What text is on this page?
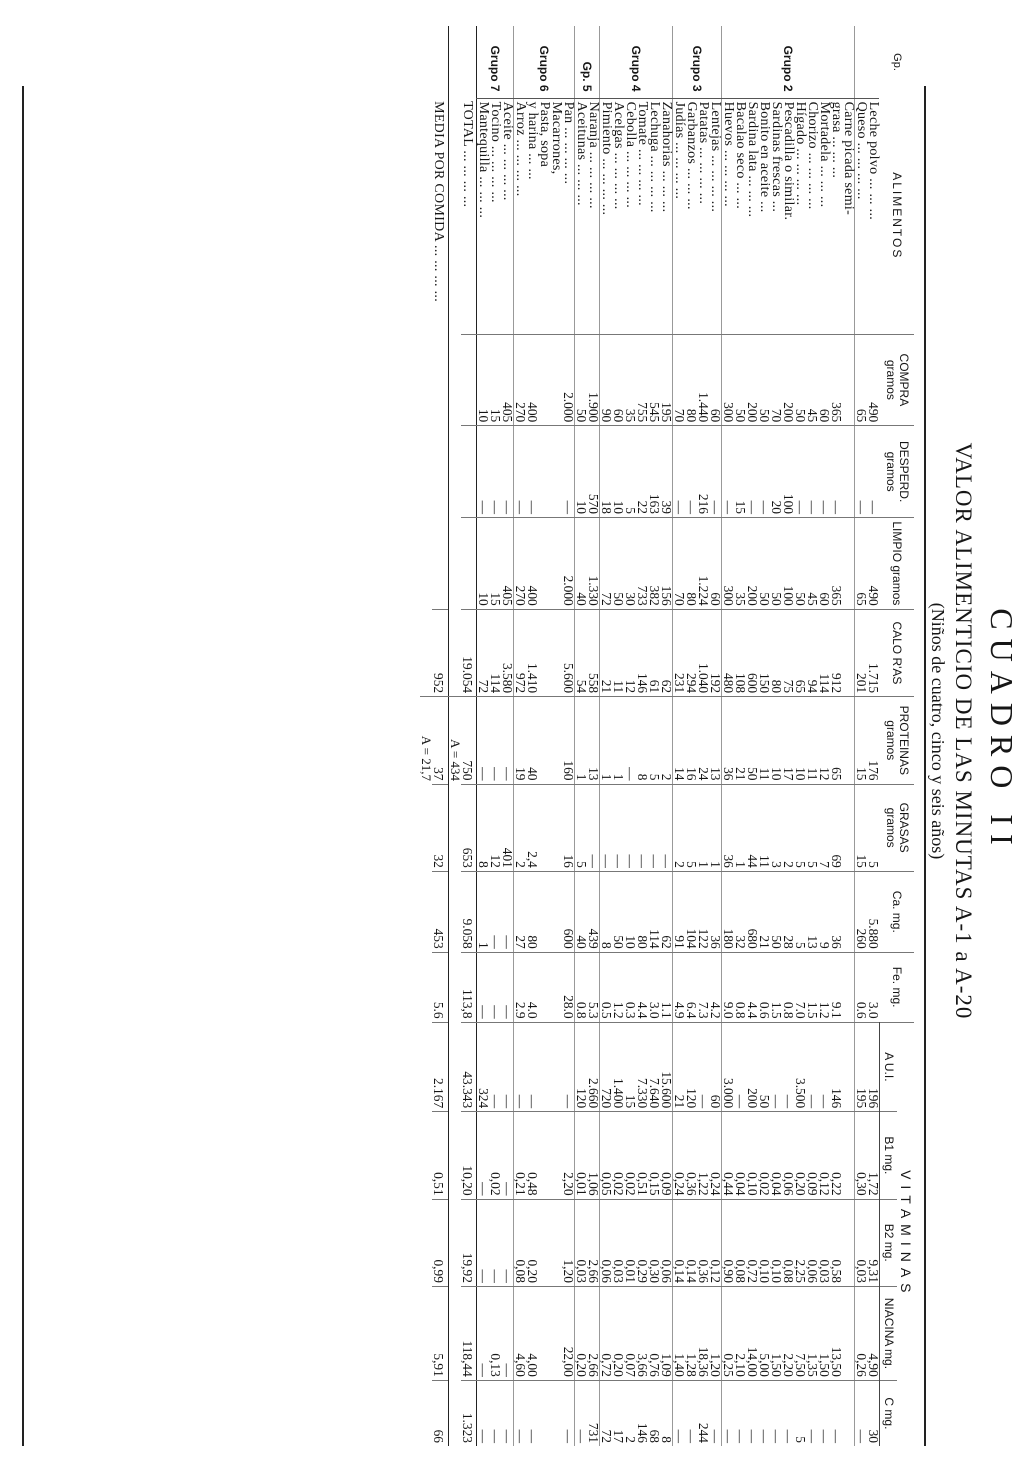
CUADRO II
VALOR ALIMENTICIO DE LAS MINUTAS A-1 a A-20
(Niños de cuatro, cinco y seis años)
Gp.	ALIMENTOS	COMPRA gramos	DESPERD. gramos	LIMPIO gramos	CALO R'AS	PROTEINAS gramos	GRASAS gramos	Ca. mg.	Fe. mg.	VITAMINAS				
										A U.I.	B1 mg.	B2 mg.	NIACINA mg.	C mg.
	Leche polvo ... ... ...	490	—	490	1.715	176	5	5.880	3.0	196	1,72	9,31	4,90	30
	Queso ... ... ... ...	65	—	65	201	15	15	260	0.6	195	0,30	0,03	0,26	—
Grupo 2	Carne picada semi-													
	grasa ... ... ...	365	—	365	912	65	69	36	9.1	146	0,22	0,58	13,50	—
	Mortadela ... ... ...	60	—	60	114	12	7	9	1.2	—	0,12	0,03	1,50	—
	Chorizo ... ... ... ...	45	—	45	94	11	5	13	1.5	—	0,09	0,06	1,35	—
	Hígado ... ... ... ...	50	—	50	65	10	5	5	7.0	3.500	0,20	2,25	7,50	5
	Pescadilla o similar.	200	100	100	75	17	2	28	0.8	—	0,06	0,08	2,20	—
	Sardinas frescas ...	70	20	50	80	10	3	50	1.5	—	0,04	0,10	1,50	—
	Bonito en aceite ...	50	—	50	150	11	11	21	0.6	50	0,02	0,10	5,00	—
	Sardina lata ... ... ...	200	—	200	600	50	44	680	4.4	200	0,10	0,72	14,00	—
	Bacalao seco ... ...	50	15	35	108	21	1	32	0.8	—	0,04	0,08	2,10	—
	Huevos ... ... ... ...	300	—	300	480	36	36	180	9.0	3.000	0,44	0,90	0,25	—
Grupo 3	Lentejas ... ... ... ...	60	—	60	192	13	1	36	4.2	60	0,24	0,12	1,20	—
	Patatas ... ... ... ...	1.440	216	1.224	1.040	24	1	122	7.3	—	1,22	0,36	18,36	244
	Garbanzos ... ... ...	80	—	80	294	16	5	104	6.4	120	0,36	0,14	1,28	—
	Judías ... ... ... ...	70	—	70	231	14	2	91	4.9	21	0,24	0,14	1,40	—
Grupo 4	Zanahorias ... ... ...	195	39	156	62	2	—	62	1.1	15.600	0,09	0,06	1,09	8
	Lechuga ... ... ... ...	545	163	382	61	5	—	114	3.0	7.640	0,15	0,30	0,76	68
	Tomate ... ... ... ...	755	22	733	146	8	—	80	4.4	7.330	0,51	0,29	3,66	146
	Cebolla ... ... ... ...	35	5	30	12	—	—	10	0.3	15	0,02	0,01	0,07	2
	Acelgas ... ... ... ...	60	10	50	11	1	—	50	1.2	1.400	0,02	0,03	0,20	17
	Pimiento ... ... ... ...	90	18	72	21	1	—	8	0.5	720	0,05	0,06	0,72	72
Gp. 5	Naranja ... ... ... ...	1.900	570	1.330	558	13	—	439	5.3	2.660	1,06	2,66	2,66	731
	Aceitunas ... ... ...	50	10	40	54	1	5	40	0.8	120	0,01	0,03	0,20	—
Grupo 6	Pan ... ... ... ...	2.000	—	2.000	5.600	160	16	600	28.0	—	2,20	1,20	22,00	—
	Macarrones,													
	Pasta, sopa													
	y harina ... ...	400	—	400	1.410	40	2,4	80	4.0	—	0,48	0,20	4,00	—
	Arroz ... ... ... ...	270	—	270	972	19	2	27	2.9	—	0,21	0,08	4,60	—
Grupo 7	Aceite ... ... ... ...	405	—	405	3.580	—	401	—	—	—	—	—	—	—
	Tocino ... ... ... ...	15	—	15	114	—	12	—	—	—	0,02	—	0,13	—
	Mantequilla ... ... ...	10	—	10	72	—	8	1	—	324	—	—	—	—
	TOTAL ... ... ... ...				19.054	750	653	9.058	113,8	43.343	10,20	19,92	118,44	1.323
						A = 434								
	MEDIA POR COMIDA ... ... ... ...				952	37	32	453	5.6	2.167	0,51	0,99	5,91	66
						A = 21,7								
